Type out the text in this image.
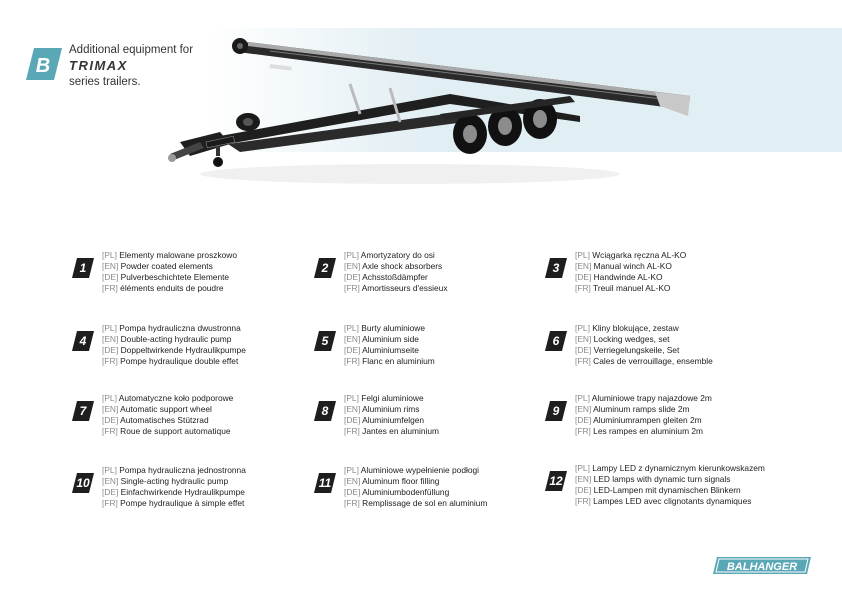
B
Additional equipment for
TRIMAX
series trailers.
1
[PL] Elementy malowane proszkowo
[EN] Powder coated elements
[DE] Pulverbeschichtete Elemente
[FR] éléments enduits de poudre
2
[PL] Amortyzatory do osi
[EN] Axle shock absorbers
[DE] Achsstoßdämpfer
[FR] Amortisseurs d'essieux
3
[PL] Wciągarka ręczna AL-KO
[EN] Manual winch AL-KO
[DE] Handwinde AL-KO
[FR] Treuil manuel AL-KO
4
[PL] Pompa hydrauliczna dwustronna
[EN] Double-acting hydraulic pump
[DE] Doppeltwirkende Hydraulikpumpe
[FR] Pompe hydraulique double effet
5
[PL] Burty aluminiowe
[EN] Aluminium side
[DE] Aluminiumseite
[FR] Flanc en aluminium
6
[PL] Kliny blokujące, zestaw
[EN] Locking wedges, set
[DE] Verriegelungskeile, Set
[FR] Cales de verrouillage, ensemble
7
[PL] Automatyczne koło podporowe
[EN] Automatic support wheel
[DE] Automatisches Stützrad
[FR] Roue de support automatique
8
[PL] Felgi aluminiowe
[EN] Aluminium rims
[DE] Aluminiumfelgen
[FR] Jantes en aluminium
9
[PL] Aluminiowe trapy najazdowe 2m
[EN] Aluminum ramps slide 2m
[DE] Aluminiumrampen gleiten 2m
[FR] Les rampes en aluminium 2m
10
[PL] Pompa hydrauliczna jednostronna
[EN] Single-acting hydraulic pump
[DE] Einfachwirkende Hydraulikpumpe
[FR] Pompe hydraulique à simple effet
11
[PL] Aluminiowe wypełnienie podłogi
[EN] Aluminum floor filling
[DE] Aluminiumbodenfüllung
[FR] Remplissage de sol en aluminium
12
[PL] Lampy LED z dynamicznym kierunkowskazem
[EN] LED lamps with dynamic turn signals
[DE] LED-Lampen mit dynamischen Blinkern
[FR] Lampes LED avec clignotants dynamiques
BALHANGER
